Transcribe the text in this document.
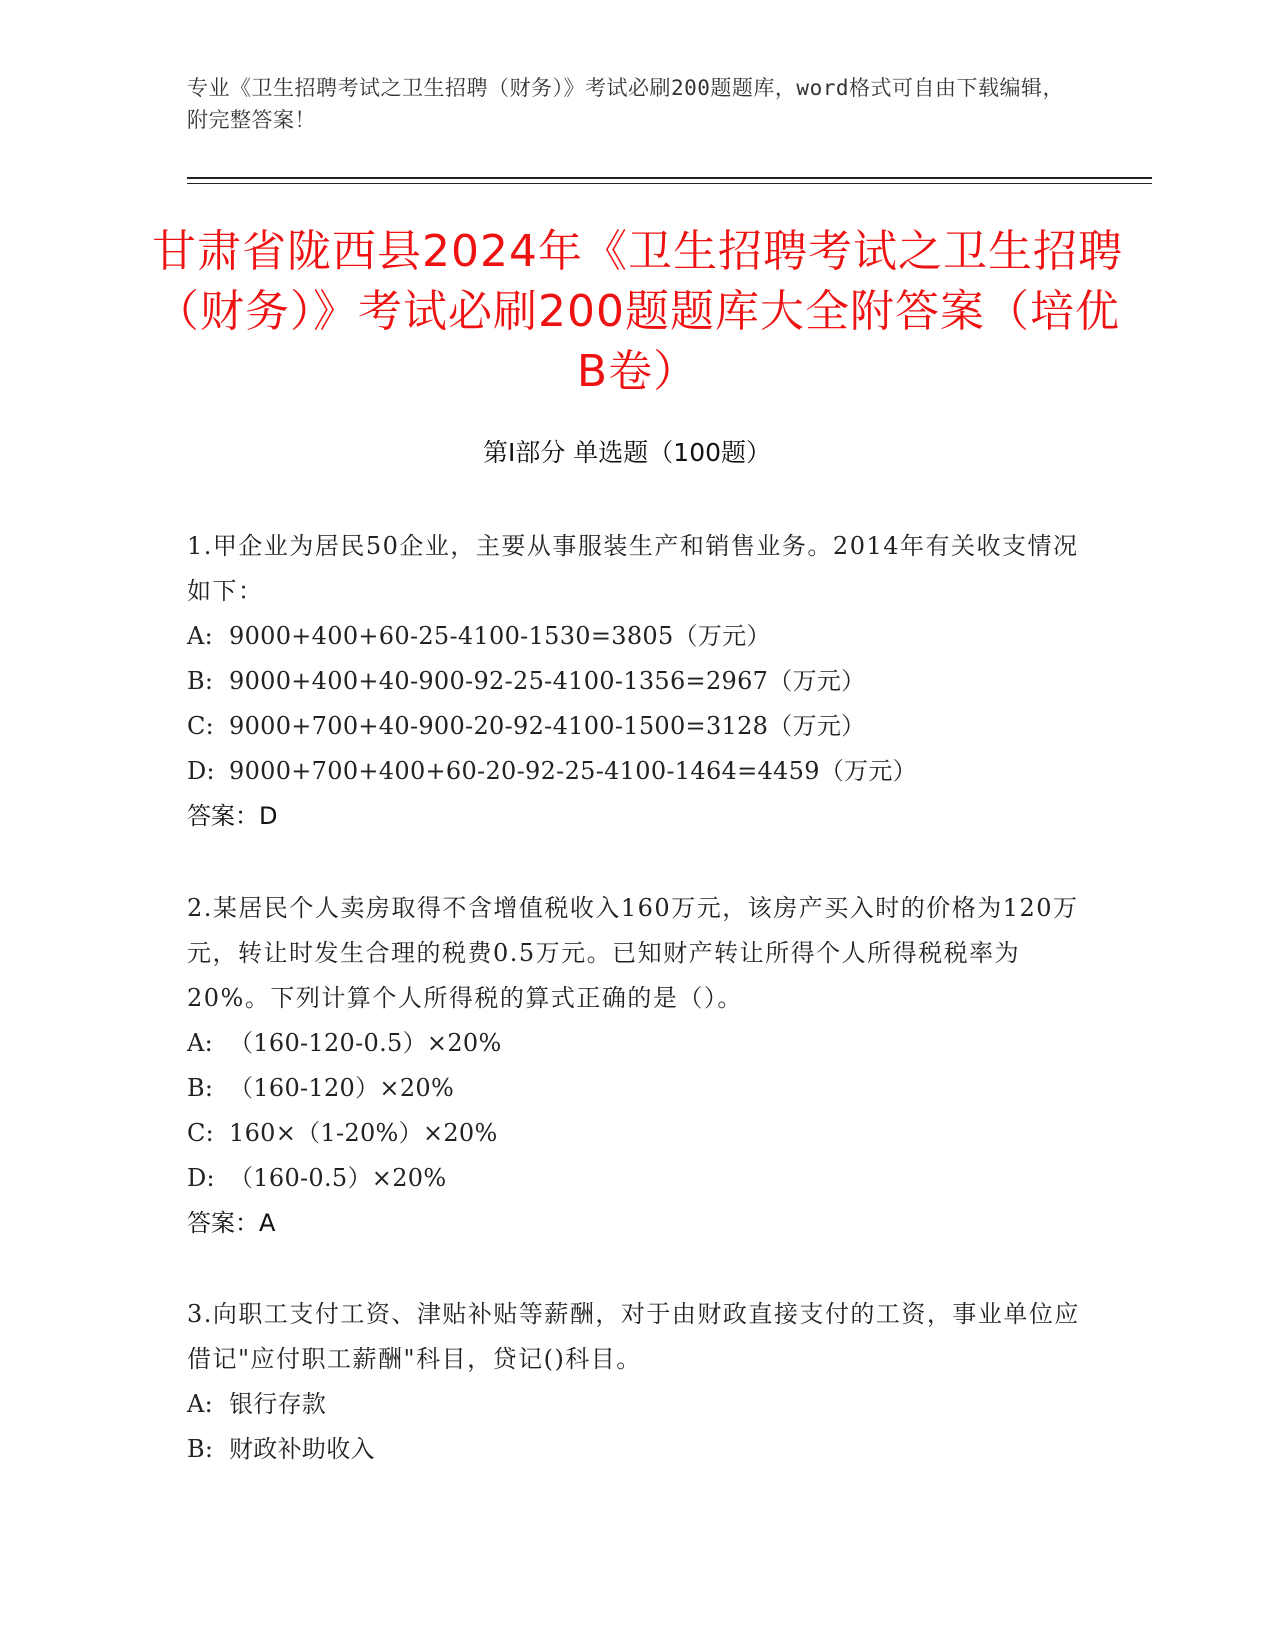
专业《卫生招聘考试之卫生招聘（财务）》考试必刷200题题库，word格式可自由下载编辑，附完整答案！
甘肃省陇西县2024年《卫生招聘考试之卫生招聘（财务）》考试必刷200题题库大全附答案（培优B卷）
第I部分 单选题（100题）
1.甲企业为居民50企业，主要从事服装生产和销售业务。2014年有关收支情况如下：
A: 9000+400+60-25-4100-1530=3805（万元）
B: 9000+400+40-900-92-25-4100-1356=2967（万元）
C: 9000+700+40-900-20-92-4100-1500=3128（万元）
D: 9000+700+400+60-20-92-25-4100-1464=4459（万元）
答案：D
2.某居民个人卖房取得不含增值税收入160万元，该房产买入时的价格为120万元，转让时发生合理的税费0.5万元。已知财产转让所得个人所得税税率为20%。下列计算个人所得税的算式正确的是（）。
A: （160-120-0.5）×20%
B: （160-120）×20%
C: 160×（1-20%）×20%
D: （160-0.5）×20%
答案：A
3.向职工支付工资、津贴补贴等薪酬，对于由财政直接支付的工资，事业单位应借记"应付职工薪酬"科目，贷记()科目。
A: 银行存款
B: 财政补助收入
